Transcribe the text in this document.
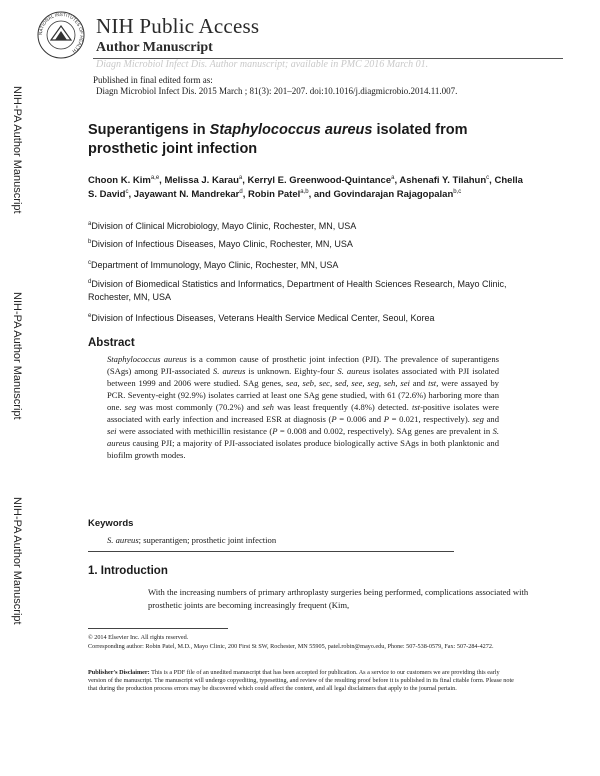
NATIONAL INSTITUTES OF HEALTH
NIH Public Access
Author Manuscript
Diagn Microbiol Infect Dis. Author manuscript; available in PMC 2016 March 01.
Published in final edited form as:
Diagn Microbiol Infect Dis. 2015 March ; 81(3): 201–207. doi:10.1016/j.diagmicrobio.2014.11.007.
NIH-PA Author Manuscript
NIH-PA Author Manuscript
NIH-PA Author Manuscript
Superantigens in Staphylococcus aureus isolated from prosthetic joint infection
Choon K. Kim$^{a,e}$, Melissa J. Karau$^a$, Kerryl E. Greenwood-Quintance$^a$, Ashenafi Y. Tilahun$^c$, Chella S. David$^c$, Jayawant N. Mandrekar$^d$, Robin Patel$^{a,b}$, and Govindarajan Rajagopalan$^{b,c}$
$^a$Division of Clinical Microbiology, Mayo Clinic, Rochester, MN, USA
$^b$Division of Infectious Diseases, Mayo Clinic, Rochester, MN, USA
$^c$Department of Immunology, Mayo Clinic, Rochester, MN, USA
$^d$Division of Biomedical Statistics and Informatics, Department of Health Sciences Research, Mayo Clinic, Rochester, MN, USA
$^e$Division of Infectious Diseases, Veterans Health Service Medical Center, Seoul, Korea
Abstract
Staphylococcus aureus is a common cause of prosthetic joint infection (PJI). The prevalence of superantigens (SAgs) among PJI-associated S. aureus is unknown. Eighty-four S. aureus isolates associated with PJI isolated between 1999 and 2006 were studied. SAg genes, sea, seb, sec, sed, see, seg, seh, sei and tst, were assayed by PCR. Seventy-eight (92.9%) isolates carried at least one SAg gene studied, with 61 (72.6%) harboring more than one. seg was most commonly (70.2%) and seh was least frequently (4.8%) detected. tst-positive isolates were associated with early infection and increased ESR at diagnosis (P = 0.006 and P = 0.021, respectively). seg and sei were associated with methicillin resistance (P = 0.008 and 0.002, respectively). SAg genes are prevalent in S. aureus causing PJI; a majority of PJI-associated isolates produce biologically active SAgs in both planktonic and biofilm growth modes.
Keywords
S. aureus; superantigen; prosthetic joint infection
1. Introduction
With the increasing numbers of primary arthroplasty surgeries being performed, complications associated with prosthetic joints are becoming increasingly frequent (Kim,
© 2014 Elsevier Inc. All rights reserved.
Corresponding author: Robin Patel, M.D., Mayo Clinic, 200 First St SW, Rochester, MN 55905, patel.robin@mayo.edu, Phone: 507-538-0579, Fax: 507-284-4272.
Publisher's Disclaimer: This is a PDF file of an unedited manuscript that has been accepted for publication. As a service to our customers we are providing this early version of the manuscript. The manuscript will undergo copyediting, typesetting, and review of the resulting proof before it is published in its final citable form. Please note that during the production process errors may be discovered which could affect the content, and all legal disclaimers that apply to the journal pertain.
